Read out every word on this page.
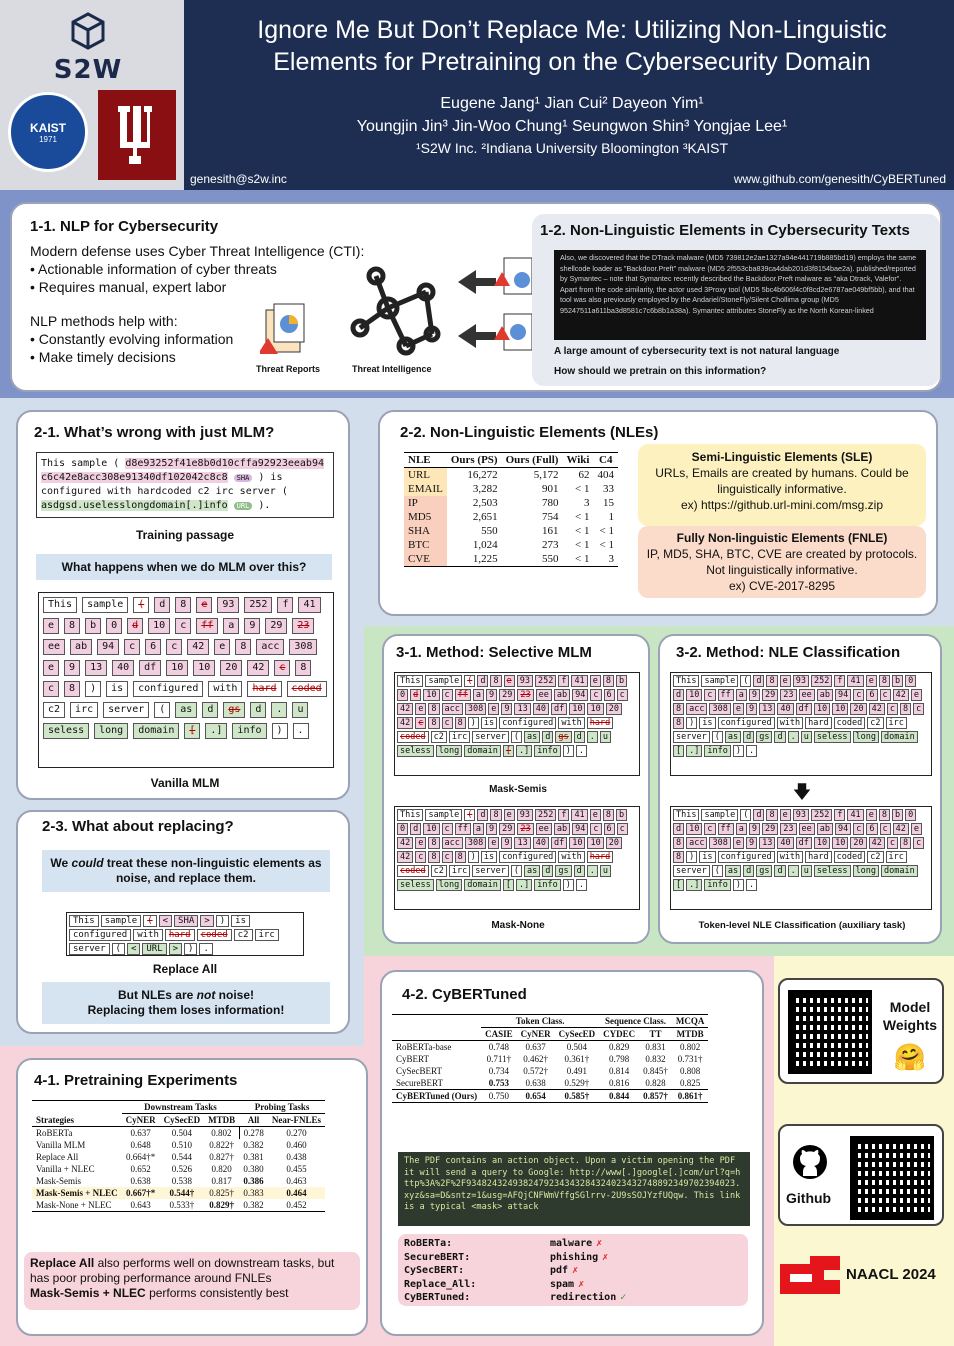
S2W
KAIST
1971
Ignore Me But Don’t Replace Me: Utilizing Non-Linguistic
Elements for Pretraining on the Cybersecurity Domain
Eugene Jang¹ Jian Cui² Dayeon Yim¹
Youngjin Jin³ Jin-Woo Chung¹ Seungwon Shin³ Yongjae Lee¹
¹S2W Inc. ²Indiana University Bloomington ³KAIST
genesith@s2w.inc	www.github.com/genesith/CyBERTuned
1-1. NLP for Cybersecurity
Modern defense uses Cyber Threat Intelligence (CTI):
• Actionable information of cyber threats
• Requires manual, expert labor
NLP methods help with:
• Constantly evolving information
• Make timely decisions
Threat Reports	Threat Intelligence
1-2. Non-Linguistic Elements in Cybersecurity Texts
Also, we discovered that the DTrack malware (MD5 739812e2ae1327a94e441719b885bd19) employs the same shellcode loader as "Backdoor.Preft" malware (MD5 2f553cba839ca4dab201d3f8154bae2a). published/reported by Symantec – note that Symantec recently described the Backdoor.Preft malware as "aka Dtrack, Valefor". Apart from the code similarity, the actor used 3Proxy tool (MD5 5bc4b606f4c0f8cd2e6787ae049bf5bb), and that tool was also previously employed by the Andariel/StoneFly/Silent Chollima group (MD5 95247511a611ba3d8581c7c6b8b1a38a). Symantec attributes StoneFly as the North Korean-linked
A large amount of cybersecurity text is not natural language
How should we pretrain on this information?
2-1. What’s wrong with just MLM?
This sample ( d8e93252f41e8b0d10cffa92923eeab94c6c42e8acc308e91340df102042c8c8 SHA ) is configured with hardcoded c2 irc server ( asdgsd.uselesslongdomain[.]info URL ).
Training passage
What happens when we do MLM over this?
This	sample	(	d	8	e	93	252	f	41
e	8	b	0	d	10	c	ff	a	9	29	23
ee	ab	94	c	6	c	42	e	8	acc	308
e	9	13	40	df	10	10	20	42	c	8
c	8	)	is	configured	with	hard	coded
c2	irc	server	(	as	d	gs	d	.	u
seless	long	domain	[	.]	info	)	.
Vanilla MLM
2-2. Non-Linguistic Elements (NLEs)
NLE	Ours (PS)	Ours (Full)	Wiki	C4
URL	16,272	5,172	62	404
EMAIL	3,282	901	< 1	33
IP	2,503	780	3	15
MD5	2,651	754	< 1	1
SHA	550	161	< 1	< 1
BTC	1,024	273	< 1	< 1
CVE	1,225	550	< 1	3
Semi-Linguistic Elements (SLE)
URLs, Emails are created by humans. Could be linguistically informative.
ex) https://github.url-mini.com/msg.zip
Fully Non-linguistic Elements (FNLE)
IP, MD5, SHA, BTC, CVE are created by protocols. Not linguistically informative.
ex) CVE-2017-8295
2-3. What about replacing?
We could treat these non-linguistic elements as noise, and replace them.
This	sample	(	<	SHA	>	)	is
configured	with	hard	coded	c2	irc
server	(	<	URL	>	)	.
Replace All
But NLEs are not noise!
Replacing them loses information!
3-1. Method: Selective MLM
This sample ( d 8 e 93 252 f 41 e 8 b
0 d 10 c ff a 9 29 23 ee ab 94 c 6 c
42 e 8 acc 308 e 9 13 40 df 10 10 20
42 c 8 c 8 ) is configured with hard
coded c2 irc server ( as d gs d . u
seless long domain [ .] info ) .
Mask-Semis
This sample ( d 8 e 93 252 f 41 e 8 b
0 d 10 c ff a 9 29 23 ee ab 94 c 6 c
42 e 8 acc 308 e 9 13 40 df 10 10 20
42 c 8 c 8 ) is configured with hard
coded c2 irc server ( as d gs d . u
seless long domain [ .] info ) .
Mask-None
3-2. Method: NLE Classification
This sample ( d 8 e 93 252 f 41 e 8 b 0
d 10 c ff a 9 29 23 ee ab 94 c 6 c 42 e
8 acc 308 e 9 13 40 df 10 10 20 42 c 8 c
8 ) is configured with hard coded c2 irc
server ( as d gs d . u seless long domain
[ .] info ) .
🡇
This sample ( d 8 e 93 252 f 41 e 8 b 0
d 10 c ff a 9 29 23 ee ab 94 c 6 c 42 e
8 acc 308 e 9 13 40 df 10 10 20 42 c 8 c
8 ) is configured with hard coded c2 irc
server ( as d gs d . u seless long domain
[ .] info ) .
Token-level NLE Classification (auxiliary task)
4-1. Pretraining Experiments
	Downstream Tasks			Probing Tasks	
Strategies	CyNER	CySecED	MTDB	All	Near-FNLEs
RoBERTa	0.637	0.504	0.802	0.278	0.270
Vanilla MLM	0.648	0.510	0.822†	0.382	0.460
Replace All	0.664†*	0.544	0.827†	0.381	0.438
Vanilla + NLEC	0.652	0.526	0.820	0.380	0.455
Mask-Semis	0.638	0.538	0.817	0.386	0.463
Mask-Semis + NLEC	0.667†*	0.544†	0.825†	0.383	0.464
Mask-None + NLEC	0.643	0.533†	0.829†	0.382	0.452
Replace All also performs well on downstream tasks, but has poor probing performance around FNLEs
Mask-Semis + NLEC performs consistently best
4-2. CyBERTuned
	Token Class.			Sequence Class.		MCQA
	CASIE	CyNER	CySecED	CYDEC	TT	MTDB
RoBERTa-base	0.748	0.637	0.504	0.829	0.831	0.802
CyBERT	0.711†	0.462†	0.361†	0.798	0.832	0.731†
CySecBERT	0.734	0.572†	0.491	0.814	0.845†	0.808
SecureBERT	0.753	0.638	0.529†	0.816	0.828	0.825
CyBERTuned (Ours)	0.750	0.654	0.585†	0.844	0.857†	0.861†
The PDF contains an action object. Upon a victim opening the PDF it will send a query to Google: http://www[.]google[.]com/url?q=http%3A%2F%2F9348243249382479234343284324023432748892349702394023.xyz&sa=D&sntz=1&usg=AFQjCNFWmVffgSGlrrv-2U9sSOJYzfUQqw. This link is a typical <mask> attack
RoBERTa:	malware ✗
SecureBERT:	phishing ✗
CySecBERT:	pdf ✗
Replace_All:	spam ✗
CyBERTuned:	redirection ✓
Model Weights
🤗
Github
NAACL 2024
